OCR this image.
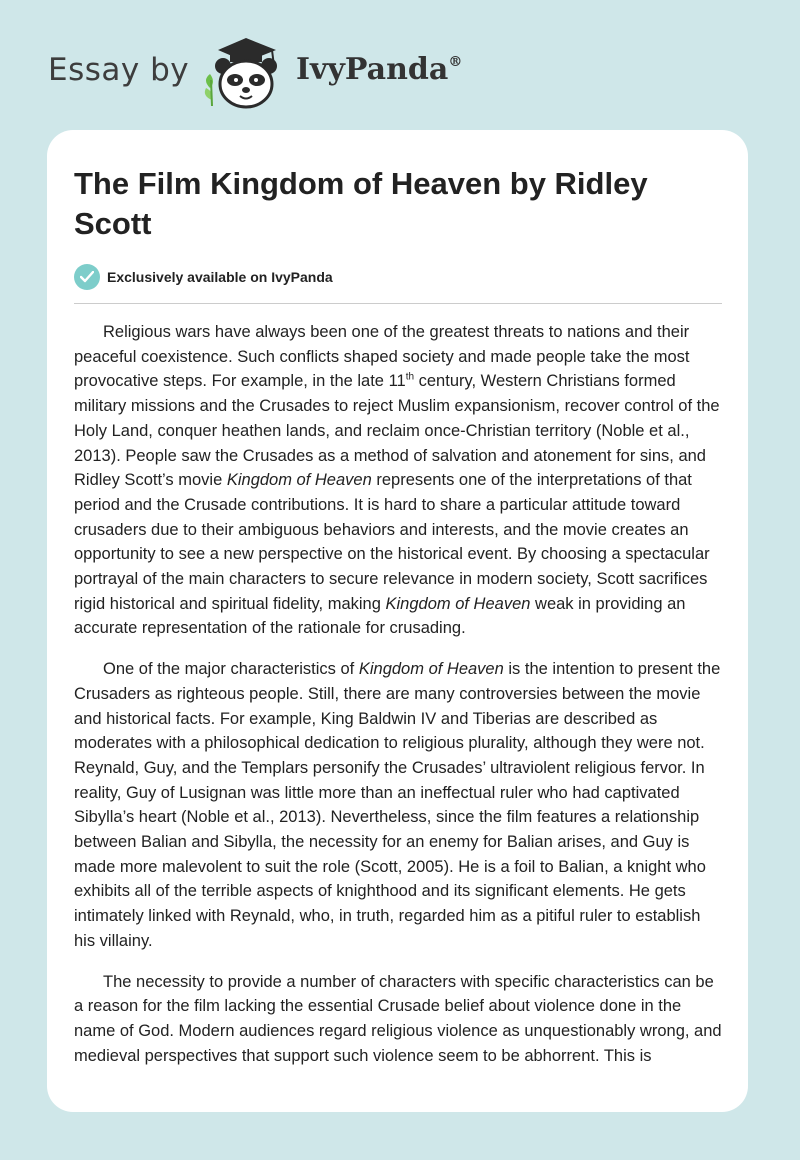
Essay by	IvyPanda®
The Film Kingdom of Heaven by Ridley Scott
Exclusively available on IvyPanda

Religious wars have always been one of the greatest threats to nations and their peaceful coexistence. Such conflicts shaped society and made people take the most provocative steps. For example, in the late 11th century, Western Christians formed military missions and the Crusades to reject Muslim expansionism, recover control of the Holy Land, conquer heathen lands, and reclaim once-Christian territory (Noble et al., 2013). People saw the Crusades as a method of salvation and atonement for sins, and Ridley Scott’s movie Kingdom of Heaven represents one of the interpretations of that period and the Crusade contributions. It is hard to share a particular attitude toward crusaders due to their ambiguous behaviors and interests, and the movie creates an opportunity to see a new perspective on the historical event. By choosing a spectacular portrayal of the main characters to secure relevance in modern society, Scott sacrifices rigid historical and spiritual fidelity, making Kingdom of Heaven weak in providing an accurate representation of the rationale for crusading.

One of the major characteristics of Kingdom of Heaven is the intention to present the Crusaders as righteous people. Still, there are many controversies between the movie and historical facts. For example, King Baldwin IV and Tiberias are described as moderates with a philosophical dedication to religious plurality, although they were not. Reynald, Guy, and the Templars personify the Crusades’ ultraviolent religious fervor. In reality, Guy of Lusignan was little more than an ineffectual ruler who had captivated Sibylla’s heart (Noble et al., 2013). Nevertheless, since the film features a relationship between Balian and Sibylla, the necessity for an enemy for Balian arises, and Guy is made more malevolent to suit the role (Scott, 2005). He is a foil to Balian, a knight who exhibits all of the terrible aspects of knighthood and its significant elements. He gets intimately linked with Reynald, who, in truth, regarded him as a pitiful ruler to establish his villainy.

The necessity to provide a number of characters with specific characteristics can be a reason for the film lacking the essential Crusade belief about violence done in the name of God. Modern audiences regard religious violence as unquestionably wrong, and medieval perspectives that support such violence seem to be abhorrent. This is
